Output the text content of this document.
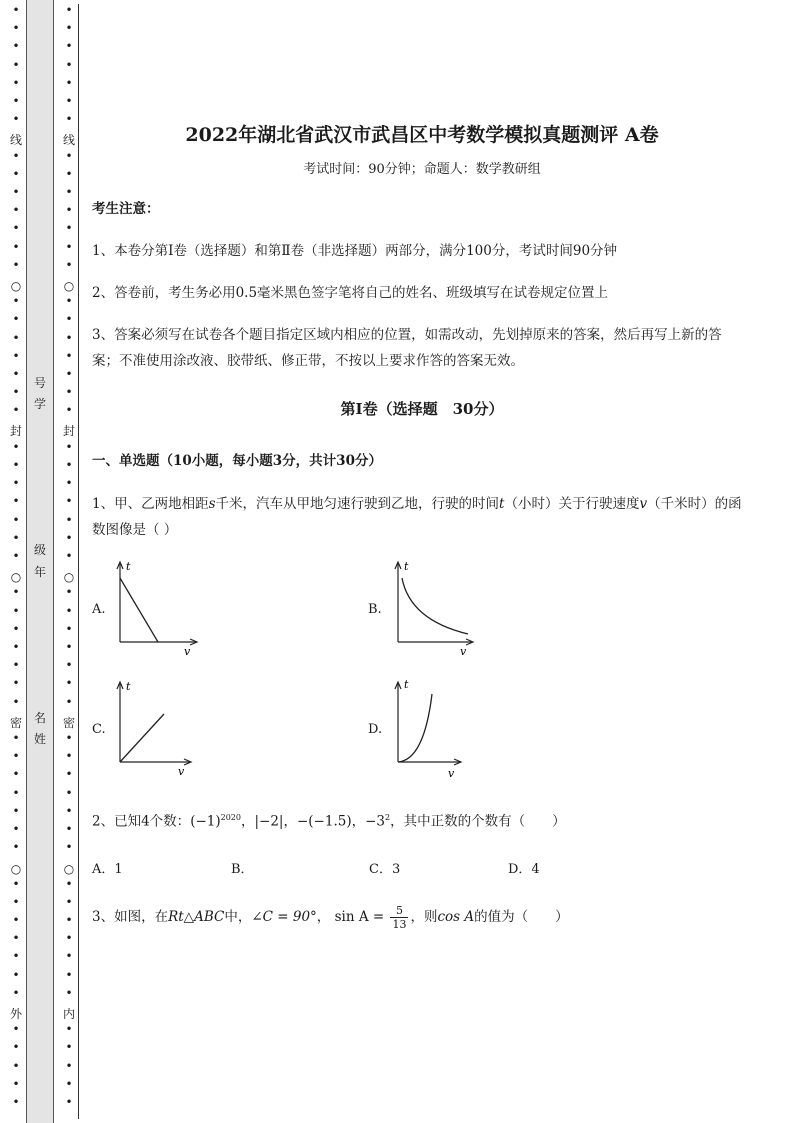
•
•
•
•
•
•
•
•
•
•
•
•
•
•
•
•
•
•
•
•
•
•
•
•
•
•
•
•
•
•
•
•
•
•
•
•
•
•
•
•
•
•
•
•
•
•
•
•
•
•
•
•
•
•
线
○
封
○
密
○
外
号
学
级
年
名
姓
•
•
•
•
•
•
•
•
•
•
•
•
•
•
•
•
•
•
•
•
•
•
•
•
•
•
•
•
•
•
•
•
•
•
•
•
•
•
•
•
•
•
•
•
•
•
•
•
•
•
•
•
•
•
线
○
封
○
密
○
内
2022年湖北省武汉市武昌区中考数学模拟真题测评 A卷
考试时间：90分钟；命题人：数学教研组
考生注意：
1、本卷分第I卷（选择题）和第Ⅱ卷（非选择题）两部分，满分100分，考试时间90分钟
2、答卷前，考生务必用0.5毫米黑色签字笔将自己的姓名、班级填写在试卷规定位置上
3、答案必须写在试卷各个题目指定区域内相应的位置，如需改动，先划掉原来的答案，然后再写上新的答案；不准使用涂改液、胶带纸、修正带，不按以上要求作答的答案无效。
第I卷（选择题　30分）
一、单选题（10小题，每小题3分，共计30分）
1、甲、乙两地相距s千米，汽车从甲地匀速行驶到乙地，行驶的时间t（小时）关于行驶速度v（千米时）的函数图像是（ ）
A.
t
v
B.
t
v
C.
t
v
D.
t
v
2、已知4个数：$(-1)^{2020}$，|−2|，−(−1.5)，$-3^2$，其中正数的个数有（　　）
A．1	B．	C．3	D．4
3、如图，在Rt△ABC中，∠C = 90°， $\sin A = \frac{5}{13}$ ，则cos A的值为（　　）
